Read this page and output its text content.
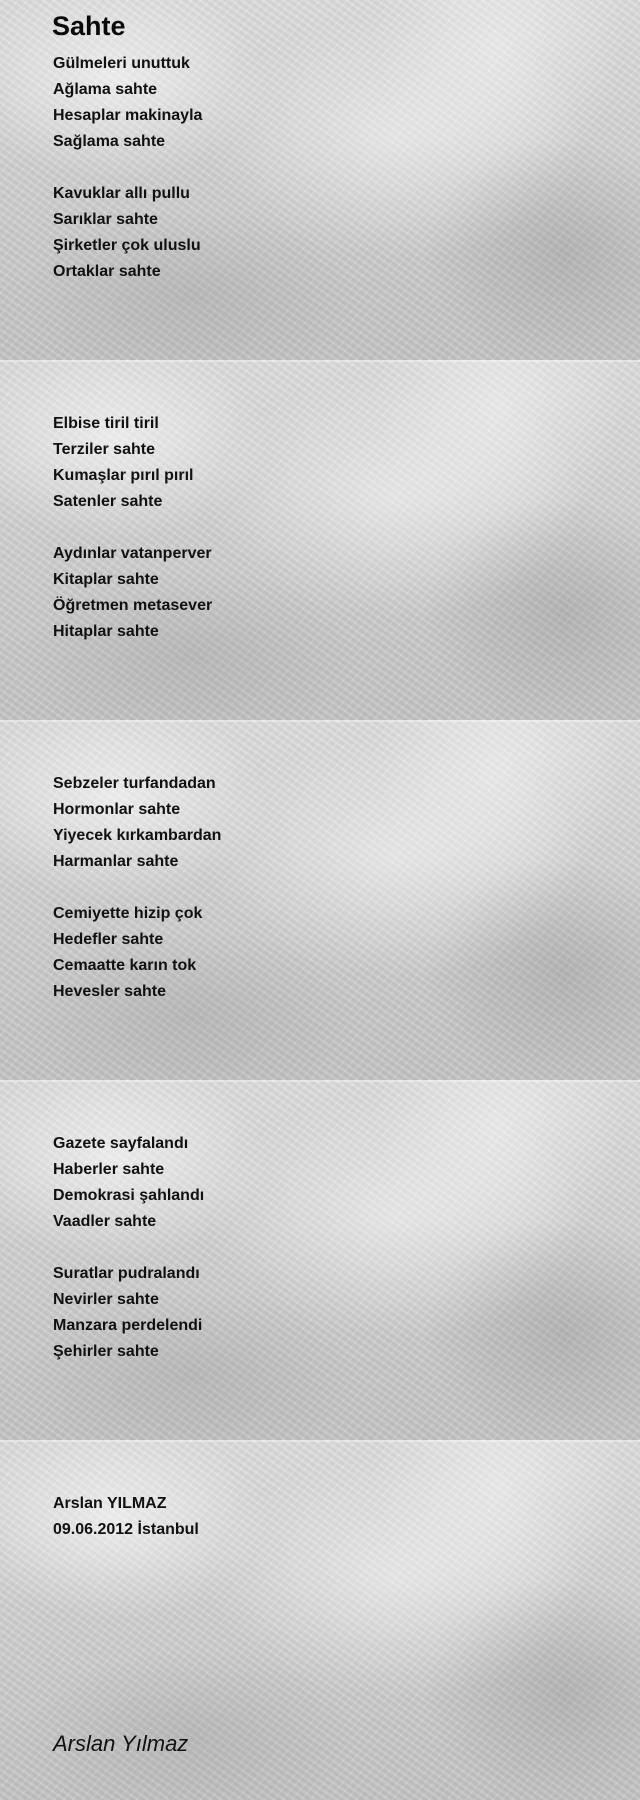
Sahte
Gülmeleri unuttuk
Ağlama sahte
Hesaplar makinayla
Sağlama sahte
Kavuklar allı pullu
Sarıklar sahte
Şirketler çok uluslu
Ortaklar sahte
Elbise tiril tiril
Terziler sahte
Kumaşlar pırıl pırıl
Satenler sahte
Aydınlar vatanperver
Kitaplar sahte
Öğretmen metasever
Hitaplar sahte
Sebzeler turfandadan
Hormonlar sahte
Yiyecek kırkambardan
Harmanlar sahte
Cemiyette hizip çok
Hedefler sahte
Cemaatte karın tok
Hevesler sahte
Gazete sayfalandı
Haberler sahte
Demokrasi şahlandı
Vaadler sahte
Suratlar pudralandı
Nevirler sahte
Manzara perdelendi
Şehirler sahte
Arslan YILMAZ
09.06.2012 İstanbul
Arslan Yılmaz
